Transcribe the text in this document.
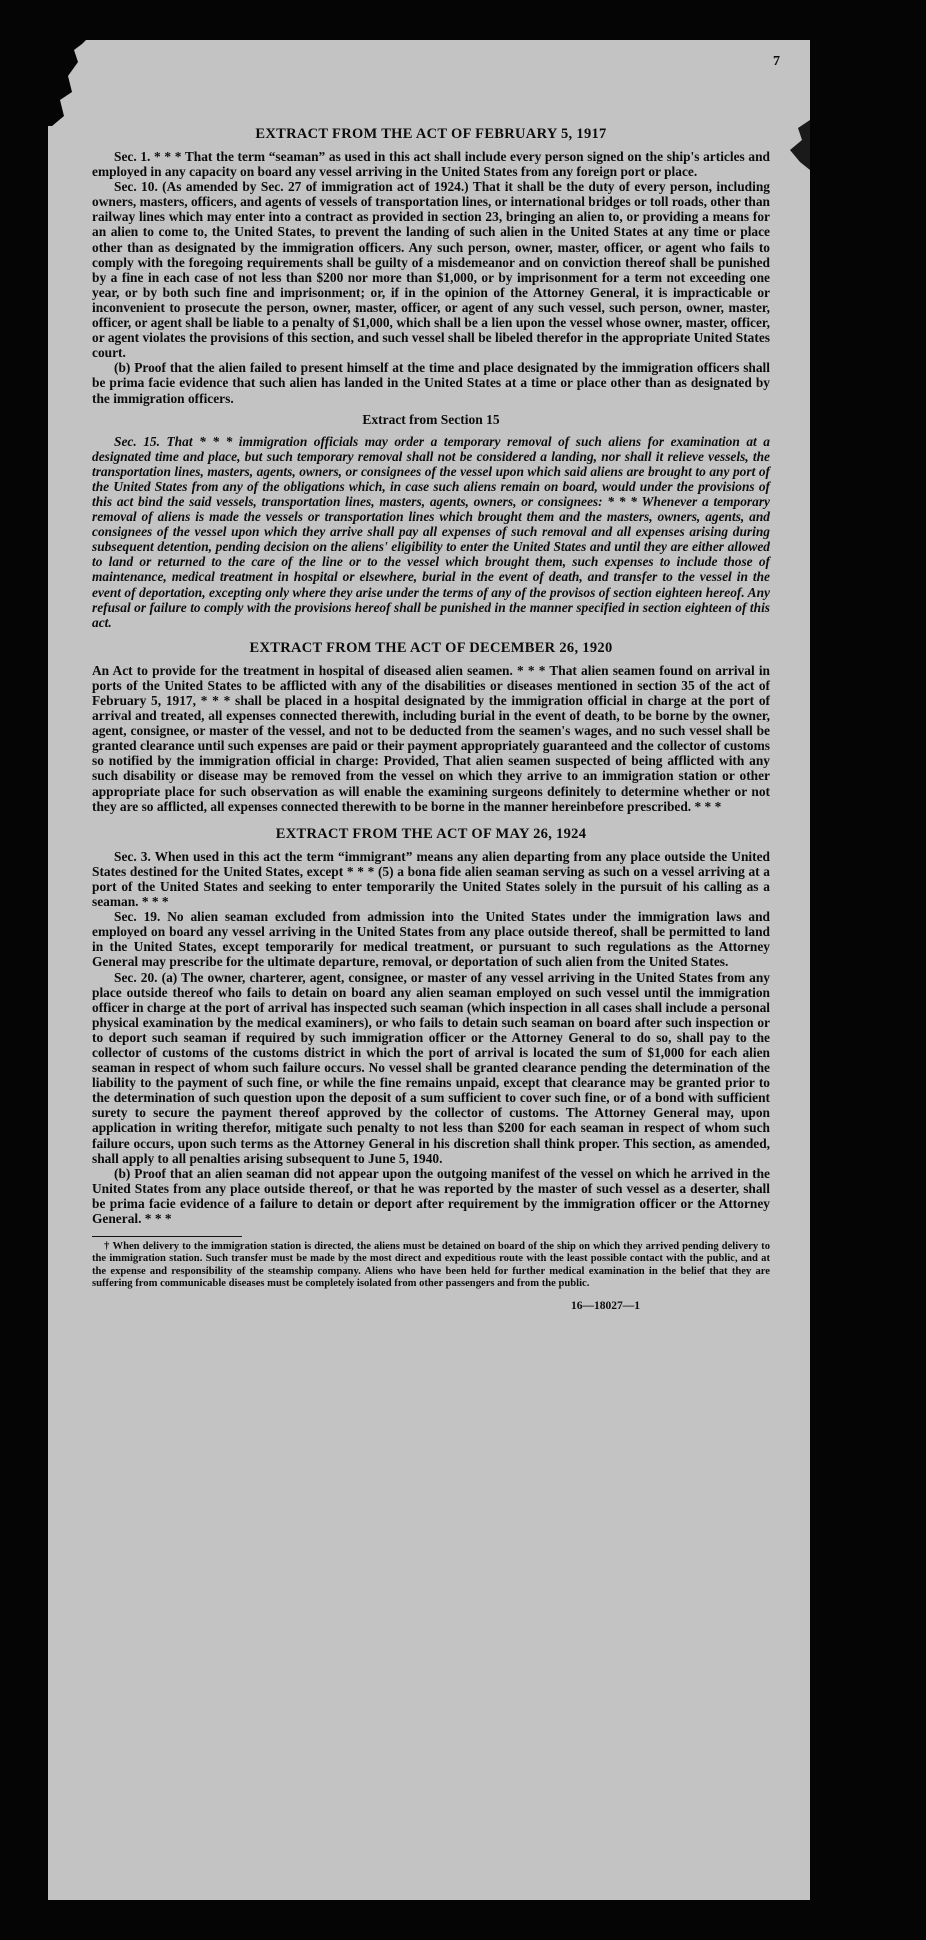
7
EXTRACT FROM THE ACT OF FEBRUARY 5, 1917

Sec. 1. * * * That the term “seaman” as used in this act shall include every person signed on the ship's articles and employed in any capacity on board any vessel arriving in the United States from any foreign port or place.

Sec. 10. (As amended by Sec. 27 of immigration act of 1924.) That it shall be the duty of every person, including owners, masters, officers, and agents of vessels of transportation lines, or international bridges or toll roads, other than railway lines which may enter into a contract as provided in section 23, bringing an alien to, or providing a means for an alien to come to, the United States, to prevent the landing of such alien in the United States at any time or place other than as designated by the immigration officers. Any such person, owner, master, officer, or agent who fails to comply with the foregoing requirements shall be guilty of a misdemeanor and on conviction thereof shall be punished by a fine in each case of not less than $200 nor more than $1,000, or by imprisonment for a term not exceeding one year, or by both such fine and imprisonment; or, if in the opinion of the Attorney General, it is impracticable or inconvenient to prosecute the person, owner, master, officer, or agent of any such vessel, such person, owner, master, officer, or agent shall be liable to a penalty of $1,000, which shall be a lien upon the vessel whose owner, master, officer, or agent violates the provisions of this section, and such vessel shall be libeled therefor in the appropriate United States court.

(b) Proof that the alien failed to present himself at the time and place designated by the immigration officers shall be prima facie evidence that such alien has landed in the United States at a time or place other than as designated by the immigration officers.

Extract from Section 15

Sec. 15. That * * * immigration officials may order a temporary removal of such aliens for examination at a designated time and place, but such temporary removal shall not be considered a landing, nor shall it relieve vessels, the transportation lines, masters, agents, owners, or consignees of the vessel upon which said aliens are brought to any port of the United States from any of the obligations which, in case such aliens remain on board, would under the provisions of this act bind the said vessels, transportation lines, masters, agents, owners, or consignees: * * * Whenever a temporary removal of aliens is made the vessels or transportation lines which brought them and the masters, owners, agents, and consignees of the vessel upon which they arrive shall pay all expenses of such removal and all expenses arising during subsequent detention, pending decision on the aliens' eligibility to enter the United States and until they are either allowed to land or returned to the care of the line or to the vessel which brought them, such expenses to include those of maintenance, medical treatment in hospital or elsewhere, burial in the event of death, and transfer to the vessel in the event of deportation, excepting only where they arise under the terms of any of the provisos of section eighteen hereof. Any refusal or failure to comply with the provisions hereof shall be punished in the manner specified in section eighteen of this act.

EXTRACT FROM THE ACT OF DECEMBER 26, 1920

An Act to provide for the treatment in hospital of diseased alien seamen. * * * That alien seamen found on arrival in ports of the United States to be afflicted with any of the disabilities or diseases mentioned in section 35 of the act of February 5, 1917, * * * shall be placed in a hospital designated by the immigration official in charge at the port of arrival and treated, all expenses connected therewith, including burial in the event of death, to be borne by the owner, agent, consignee, or master of the vessel, and not to be deducted from the seamen's wages, and no such vessel shall be granted clearance until such expenses are paid or their payment appropriately guaranteed and the collector of customs so notified by the immigration official in charge: Provided, That alien seamen suspected of being afflicted with any such disability or disease may be removed from the vessel on which they arrive to an immigration station or other appropriate place for such observation as will enable the examining surgeons definitely to determine whether or not they are so afflicted, all expenses connected therewith to be borne in the manner hereinbefore prescribed. * * *

EXTRACT FROM THE ACT OF MAY 26, 1924

Sec. 3. When used in this act the term “immigrant” means any alien departing from any place outside the United States destined for the United States, except * * * (5) a bona fide alien seaman serving as such on a vessel arriving at a port of the United States and seeking to enter temporarily the United States solely in the pursuit of his calling as a seaman. * * *

Sec. 19. No alien seaman excluded from admission into the United States under the immigration laws and employed on board any vessel arriving in the United States from any place outside thereof, shall be permitted to land in the United States, except temporarily for medical treatment, or pursuant to such regulations as the Attorney General may prescribe for the ultimate departure, removal, or deportation of such alien from the United States.

Sec. 20. (a) The owner, charterer, agent, consignee, or master of any vessel arriving in the United States from any place outside thereof who fails to detain on board any alien seaman employed on such vessel until the immigration officer in charge at the port of arrival has inspected such seaman (which inspection in all cases shall include a personal physical examination by the medical examiners), or who fails to detain such seaman on board after such inspection or to deport such seaman if required by such immigration officer or the Attorney General to do so, shall pay to the collector of customs of the customs district in which the port of arrival is located the sum of $1,000 for each alien seaman in respect of whom such failure occurs. No vessel shall be granted clearance pending the determination of the liability to the payment of such fine, or while the fine remains unpaid, except that clearance may be granted prior to the determination of such question upon the deposit of a sum sufficient to cover such fine, or of a bond with sufficient surety to secure the payment thereof approved by the collector of customs. The Attorney General may, upon application in writing therefor, mitigate such penalty to not less than $200 for each seaman in respect of whom such failure occurs, upon such terms as the Attorney General in his discretion shall think proper. This section, as amended, shall apply to all penalties arising subsequent to June 5, 1940.

(b) Proof that an alien seaman did not appear upon the outgoing manifest of the vessel on which he arrived in the United States from any place outside thereof, or that he was reported by the master of such vessel as a deserter, shall be prima facie evidence of a failure to detain or deport after requirement by the immigration officer or the Attorney General. * * *

† When delivery to the immigration station is directed, the aliens must be detained on board of the ship on which they arrived pending delivery to the immigration station. Such transfer must be made by the most direct and expeditious route with the least possible contact with the public, and at the expense and responsibility of the steamship company. Aliens who have been held for further medical examination in the belief that they are suffering from communicable diseases must be completely isolated from other passengers and from the public.

16—18027—1
